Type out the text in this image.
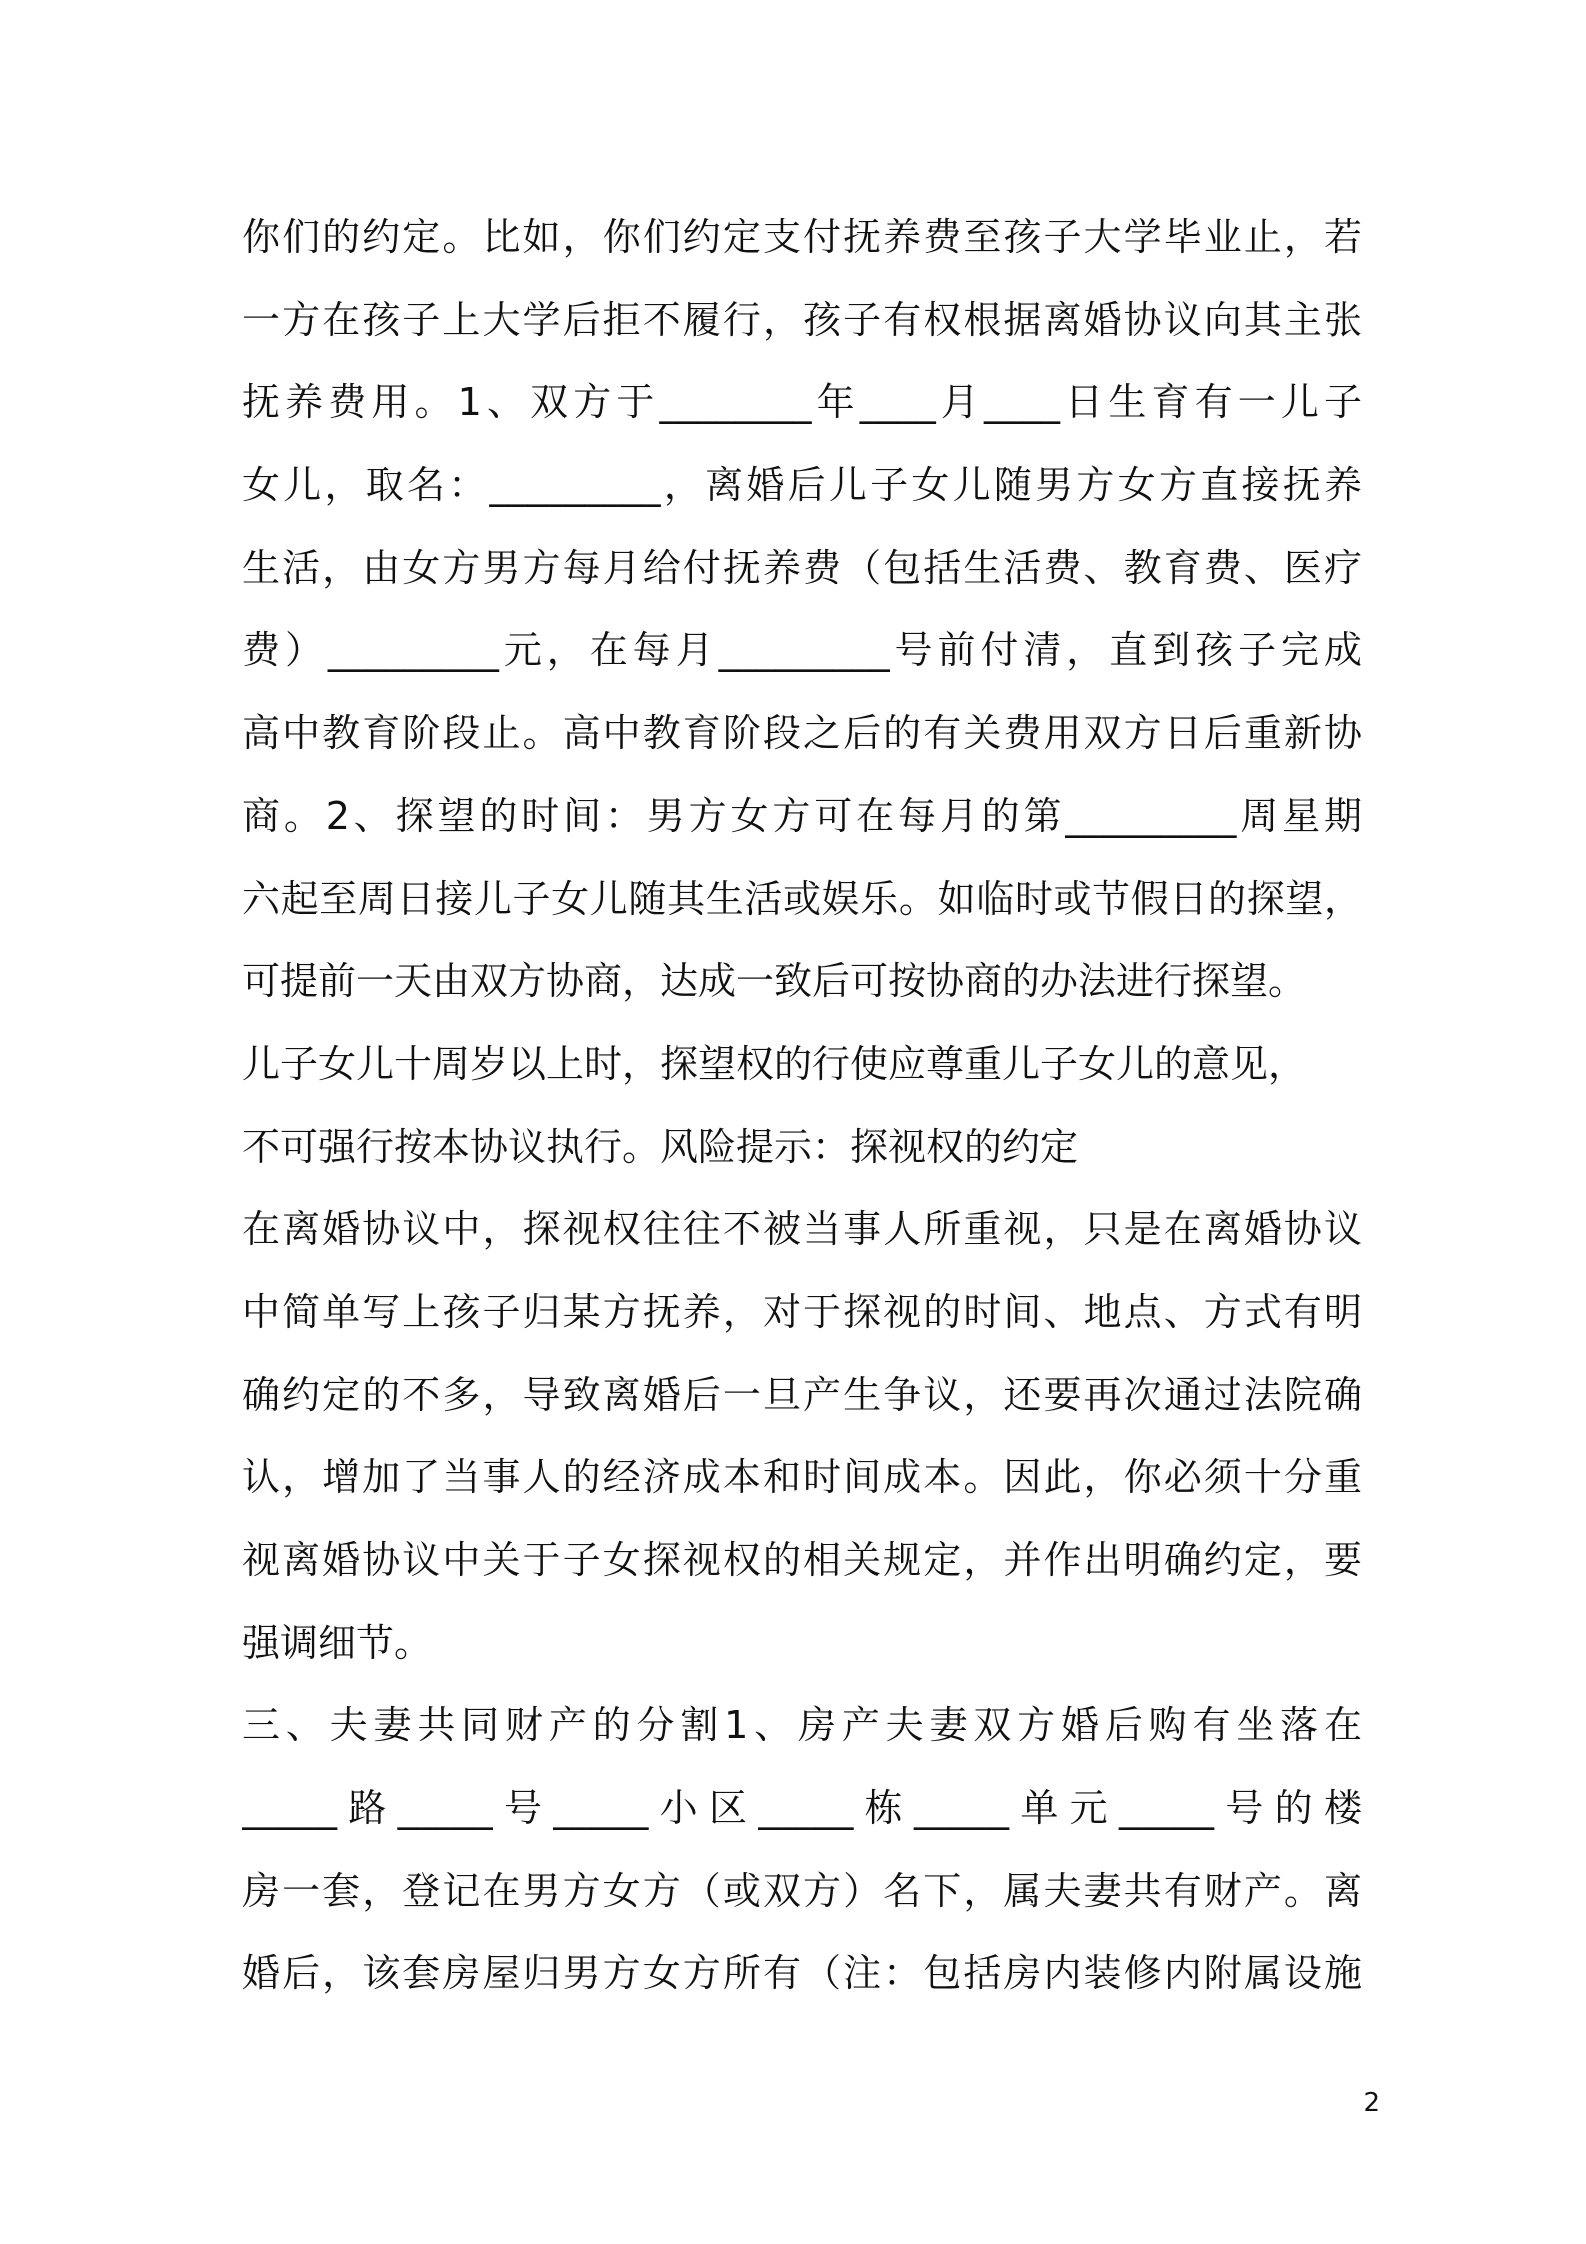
你们的约定。比如，你们约定支付抚养费至孩子大学毕业止，若
一方在孩子上大学后拒不履行，孩子有权根据离婚协议向其主张
抚养费用。1、双方于________年____月____日生育有一儿子
女儿，取名：_________，离婚后儿子女儿随男方女方直接抚养
生活，由女方男方每月给付抚养费（包括生活费、教育费、医疗
费）_________元，在每月_________号前付清，直到孩子完成
高中教育阶段止。高中教育阶段之后的有关费用双方日后重新协
商。2、探望的时间：男方女方可在每月的第_________周星期
六起至周日接儿子女儿随其生活或娱乐。如临时或节假日的探望，
可提前一天由双方协商，达成一致后可按协商的办法进行探望。
儿子女儿十周岁以上时，探望权的行使应尊重儿子女儿的意见，
不可强行按本协议执行。风险提示：探视权的约定
在离婚协议中，探视权往往不被当事人所重视，只是在离婚协议
中简单写上孩子归某方抚养，对于探视的时间、地点、方式有明
确约定的不多，导致离婚后一旦产生争议，还要再次通过法院确
认，增加了当事人的经济成本和时间成本。因此，你必须十分重
视离婚协议中关于子女探视权的相关规定，并作出明确约定，要
强调细节。
三、夫妻共同财产的分割1、房产夫妻双方婚后购有坐落在
_____路_____号_____小区_____栋_____单元_____号的楼
房一套，登记在男方女方（或双方）名下，属夫妻共有财产。离
婚后，该套房屋归男方女方所有（注：包括房内装修内附属设施
2
